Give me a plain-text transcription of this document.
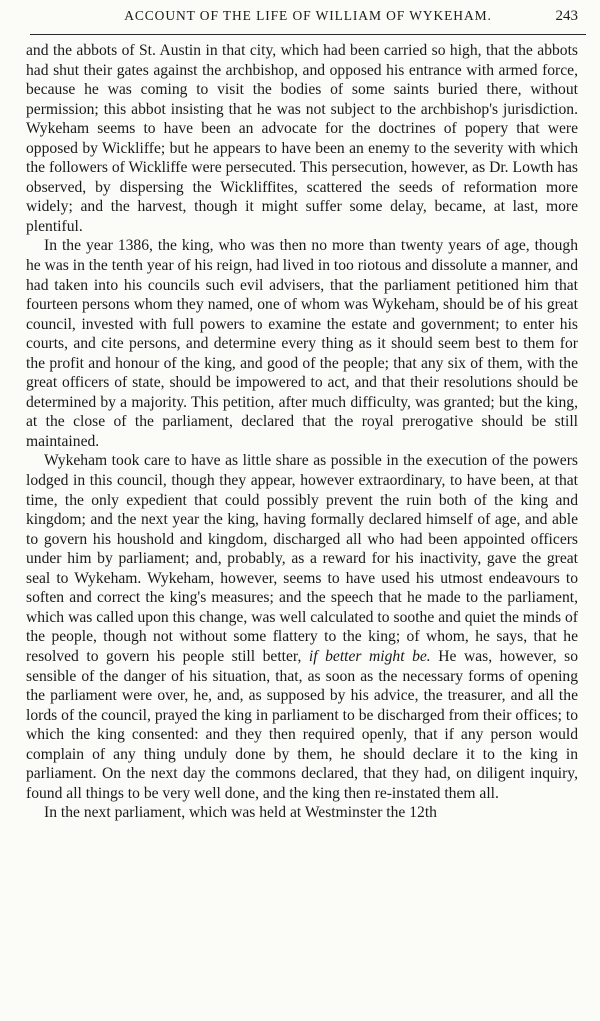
ACCOUNT OF THE LIFE OF WILLIAM OF WYKEHAM.	243

and the abbots of St. Austin in that city, which had been carried so high, that the abbots had shut their gates against the archbishop, and opposed his entrance with armed force, because he was coming to visit the bodies of some saints buried there, without permission; this abbot insisting that he was not subject to the archbishop's jurisdiction. Wykeham seems to have been an advocate for the doctrines of popery that were opposed by Wickliffe; but he appears to have been an enemy to the severity with which the followers of Wickliffe were persecuted. This persecution, however, as Dr. Lowth has observed, by dispersing the Wickliffites, scattered the seeds of reformation more widely; and the harvest, though it might suffer some delay, became, at last, more plentiful.

In the year 1386, the king, who was then no more than twenty years of age, though he was in the tenth year of his reign, had lived in too riotous and dissolute a manner, and had taken into his councils such evil advisers, that the parliament petitioned him that fourteen persons whom they named, one of whom was Wykeham, should be of his great council, invested with full powers to examine the estate and government; to enter his courts, and cite persons, and determine every thing as it should seem best to them for the profit and honour of the king, and good of the people; that any six of them, with the great officers of state, should be impowered to act, and that their resolutions should be determined by a majority. This petition, after much difficulty, was granted; but the king, at the close of the parliament, declared that the royal prerogative should be still maintained.

Wykeham took care to have as little share as possible in the execution of the powers lodged in this council, though they appear, however extraordinary, to have been, at that time, the only expedient that could possibly prevent the ruin both of the king and kingdom; and the next year the king, having formally declared himself of age, and able to govern his houshold and kingdom, discharged all who had been appointed officers under him by parliament; and, probably, as a reward for his inactivity, gave the great seal to Wykeham. Wykeham, however, seems to have used his utmost endeavours to soften and correct the king's measures; and the speech that he made to the parliament, which was called upon this change, was well calculated to soothe and quiet the minds of the people, though not without some flattery to the king; of whom, he says, that he resolved to govern his people still better, if better might be. He was, however, so sensible of the danger of his situation, that, as soon as the necessary forms of opening the parliament were over, he, and, as supposed by his advice, the treasurer, and all the lords of the council, prayed the king in parliament to be discharged from their offices; to which the king consented: and they then required openly, that if any person would complain of any thing unduly done by them, he should declare it to the king in parliament. On the next day the commons declared, that they had, on diligent inquiry, found all things to be very well done, and the king then re-instated them all.

In the next parliament, which was held at Westminster the 12th
